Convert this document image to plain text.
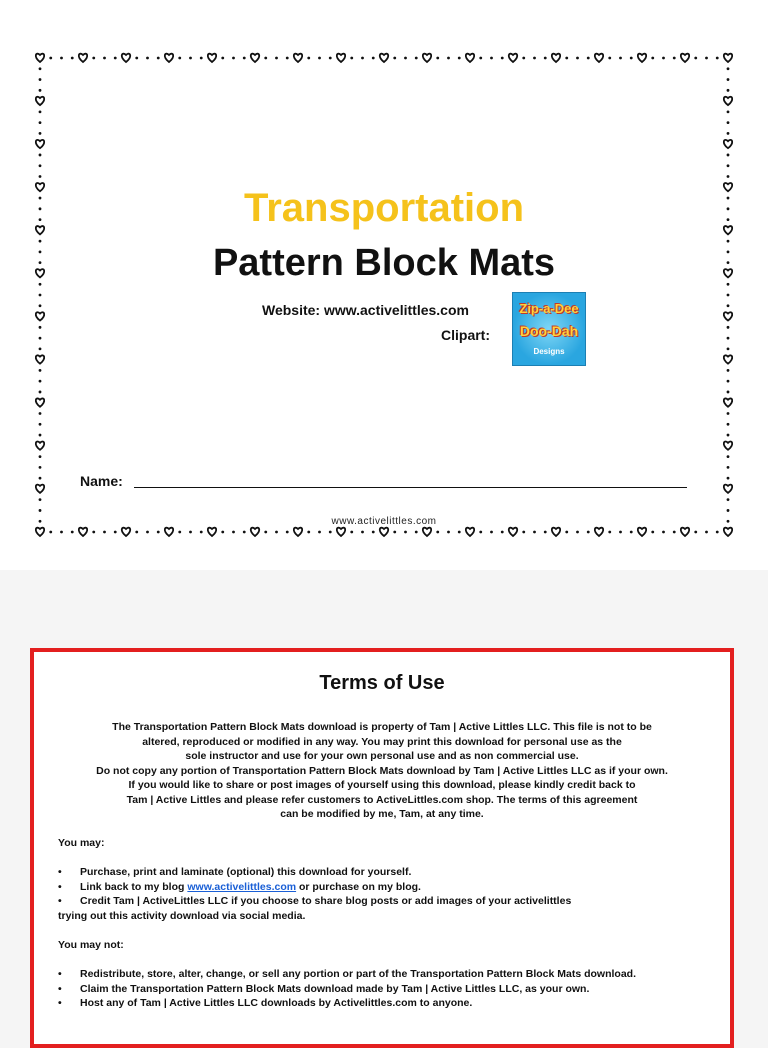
Transportation
Pattern Block Mats
Website: www.activelittles.com
Clipart:
Zip-a-Dee
Doo-Dah
Designs
Name:
www.activelittles.com
Terms of Use
The Transportation Pattern Block Mats download is property of Tam | Active Littles LLC. This file is not to be
altered, reproduced or modified in any way. You may print this download for personal use as the
sole instructor and use for your own personal use and as non commercial use.
Do not copy any portion of Transportation Pattern Block Mats download by Tam | Active Littles LLC as if your own.
If you would like to share or post images of yourself using this download, please kindly credit back to
Tam | Active Littles and please refer customers to ActiveLittles.com shop. The terms of this agreement
can be modified by me, Tam, at any time.
You may:
• Purchase, print and laminate (optional) this download for yourself.
• Link back to my blog www.activelittles.com or purchase on my blog.
• Credit Tam | ActiveLittles LLC if you choose to share blog posts or add images of your activelittles
trying out this activity download via social media.
You may not:
• Redistribute, store, alter, change, or sell any portion or part of the Transportation Pattern Block Mats download.
• Claim the Transportation Pattern Block Mats download made by Tam | Active Littles LLC, as your own.
• Host any of Tam | Active Littles LLC downloads by Activelittles.com to anyone.
